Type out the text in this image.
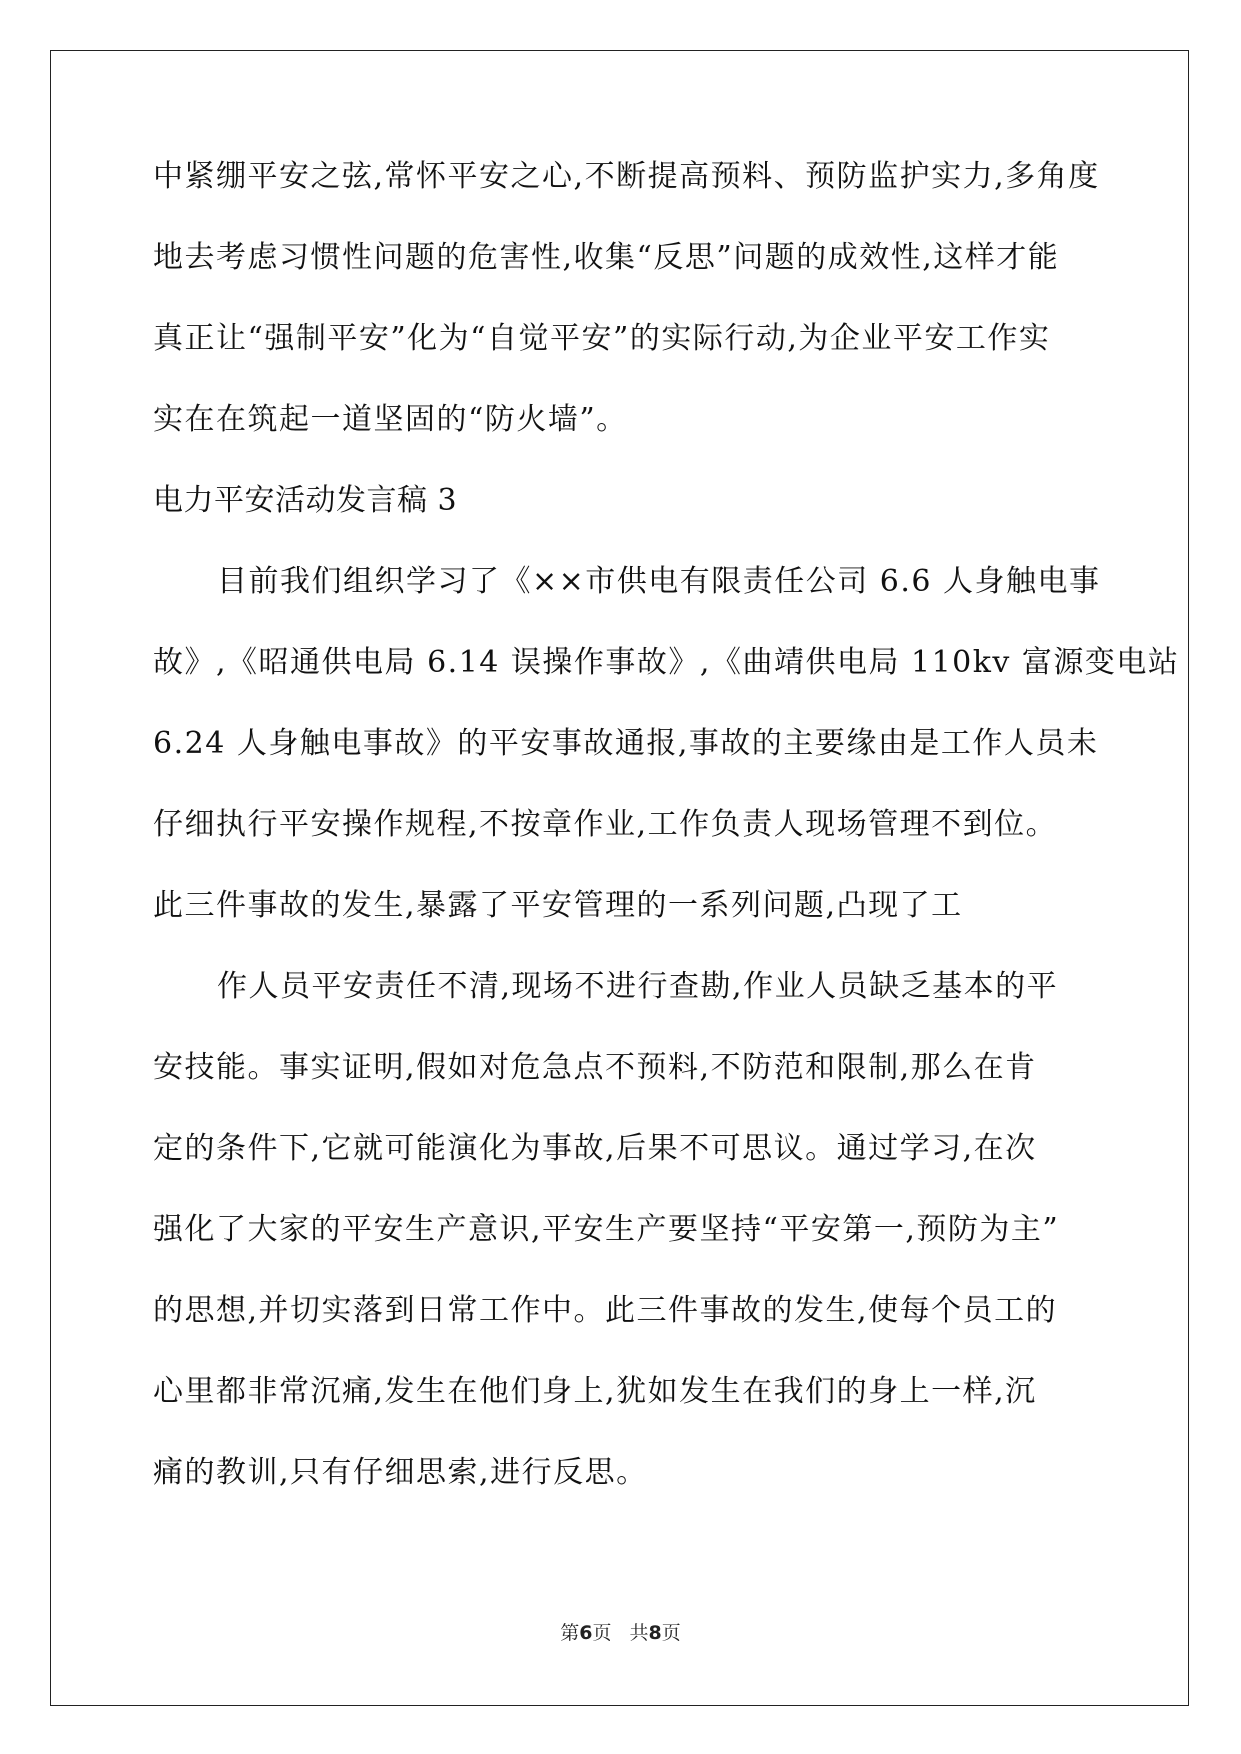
中紧绷平安之弦,常怀平安之心,不断提高预料、预防监护实力,多角度
地去考虑习惯性问题的危害性,收集“反思”问题的成效性,这样才能
真正让“强制平安”化为“自觉平安”的实际行动,为企业平安工作实
实在在筑起一道坚固的“防火墙”。
电力平安活动发言稿 3
目前我们组织学习了《××市供电有限责任公司 6.6 人身触电事
故》,《昭通供电局 6.14 误操作事故》,《曲靖供电局 110kv 富源变电站
6.24 人身触电事故》的平安事故通报,事故的主要缘由是工作人员未
仔细执行平安操作规程,不按章作业,工作负责人现场管理不到位。
此三件事故的发生,暴露了平安管理的一系列问题,凸现了工
作人员平安责任不清,现场不进行查勘,作业人员缺乏基本的平
安技能。事实证明,假如对危急点不预料,不防范和限制,那么在肯
定的条件下,它就可能演化为事故,后果不可思议。通过学习,在次
强化了大家的平安生产意识,平安生产要坚持“平安第一,预防为主”
的思想,并切实落到日常工作中。此三件事故的发生,使每个员工的
心里都非常沉痛,发生在他们身上,犹如发生在我们的身上一样,沉
痛的教训,只有仔细思索,进行反思。
第6页 共8页
